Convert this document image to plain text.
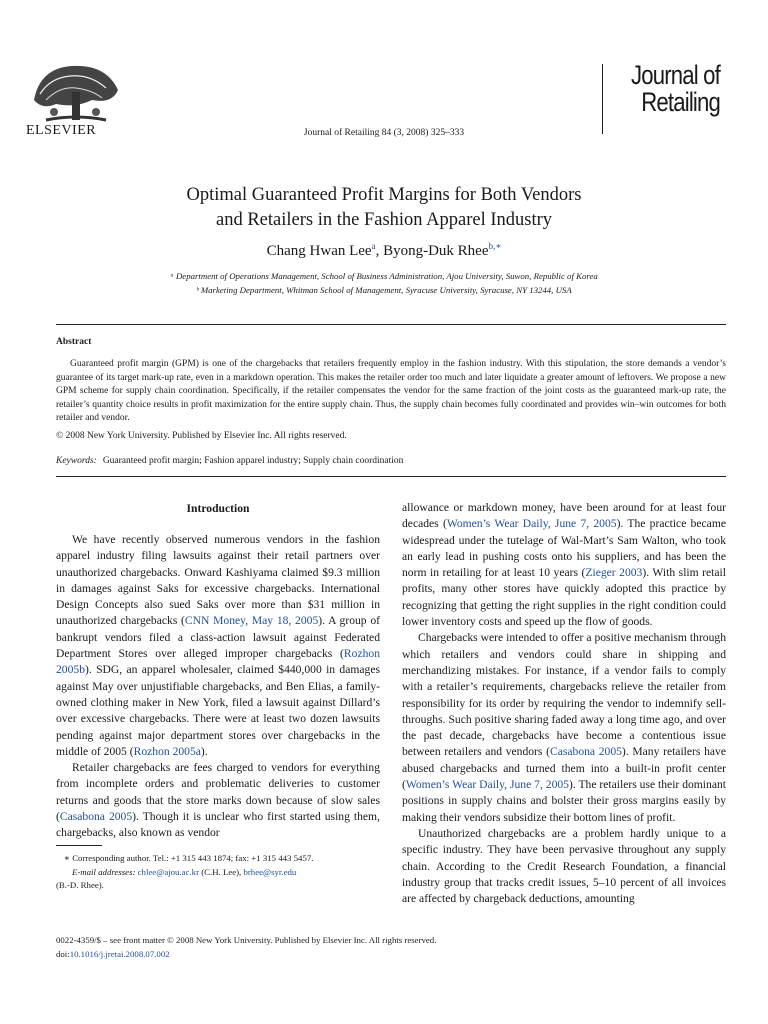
ELSEVIER	Journal of Retailing 84 (3, 2008) 325–333
Journal of
Retailing
Optimal Guaranteed Profit Margins for Both Vendors
and Retailers in the Fashion Apparel Industry
Chang Hwan Lee$^a$, Byong-Duk Rhee$^{b,∗}$
ᵃ Department of Operations Management, School of Business Administration, Ajou University, Suwon, Republic of Korea
ᵇ Marketing Department, Whitman School of Management, Syracuse University, Syracuse, NY 13244, USA
Abstract

Guaranteed profit margin (GPM) is one of the chargebacks that retailers frequently employ in the fashion industry. With this stipulation, the store demands a vendor’s guarantee of its target mark-up rate, even in a markdown operation. This makes the retailer order too much and later liquidate a greater amount of leftovers. We propose a new GPM scheme for supply chain coordination. Specifically, if the retailer compensates the vendor for the same fraction of the joint costs as the guaranteed mark-up rate, the retailer’s quantity choice results in profit maximization for the entire supply chain. Thus, the supply chain becomes fully coordinated and provides win–win outcomes for both retailer and vendor.

© 2008 New York University. Published by Elsevier Inc. All rights reserved.
Keywords: Guaranteed profit margin; Fashion apparel industry; Supply chain coordination
Introduction

We have recently observed numerous vendors in the fashion apparel industry filing lawsuits against their retail partners over unauthorized chargebacks. Onward Kashiyama claimed $9.3 million in damages against Saks for excessive chargebacks. International Design Concepts also sued Saks over more than $31 million in unauthorized chargebacks (CNN Money, May 18, 2005). A group of bankrupt vendors filed a class-action lawsuit against Federated Department Stores over alleged improper chargebacks (Rozhon 2005b). SDG, an apparel wholesaler, claimed $440,000 in damages against May over unjustifiable chargebacks, and Ben Elias, a family-owned clothing maker in New York, filed a lawsuit against Dillard’s over excessive chargebacks. There were at least two dozen lawsuits pending against major department stores over chargebacks in the middle of 2005 (Rozhon 2005a).

Retailer chargebacks are fees charged to vendors for everything from incomplete orders and problematic deliveries to customer returns and goods that the store marks down because of slow sales (Casabona 2005). Though it is unclear who first started using them, chargebacks, also known as vendor

allowance or markdown money, have been around for at least four decades (Women’s Wear Daily, June 7, 2005). The practice became widespread under the tutelage of Wal-Mart’s Sam Walton, who took an early lead in pushing costs onto his suppliers, and has been the norm in retailing for at least 10 years (Zieger 2003). With slim retail profits, many other stores have quickly adopted this practice by recognizing that getting the right supplies in the right condition could lower inventory costs and speed up the flow of goods.

Chargebacks were intended to offer a positive mechanism through which retailers and vendors could share in shipping and merchandizing mistakes. For instance, if a vendor fails to comply with a retailer’s requirements, chargebacks relieve the retailer from responsibility for its order by requiring the vendor to indemnify sell-throughs. Such positive sharing faded away a long time ago, and over the past decade, chargebacks have become a contentious issue between retailers and vendors (Casabona 2005). Many retailers have abused chargebacks and turned them into a built-in profit center (Women’s Wear Daily, June 7, 2005). The retailers use their dominant positions in supply chains and bolster their gross margins easily by making their vendors subsidize their bottom lines of profit.

Unauthorized chargebacks are a problem hardly unique to a specific industry. They have been pervasive throughout any supply chain. According to the Credit Research Foundation, a financial industry group that tracks credit issues, 5–10 percent of all invoices are affected by chargeback deductions, amounting

∗ Corresponding author. Tel.: +1 315 443 1874; fax: +1 315 443 5457.
E-mail addresses: chlee@ajou.ac.kr (C.H. Lee), brhee@syr.edu
(B.-D. Rhee).
0022-4359/$ – see front matter © 2008 New York University. Published by Elsevier Inc. All rights reserved.
doi:10.1016/j.jretai.2008.07.002
